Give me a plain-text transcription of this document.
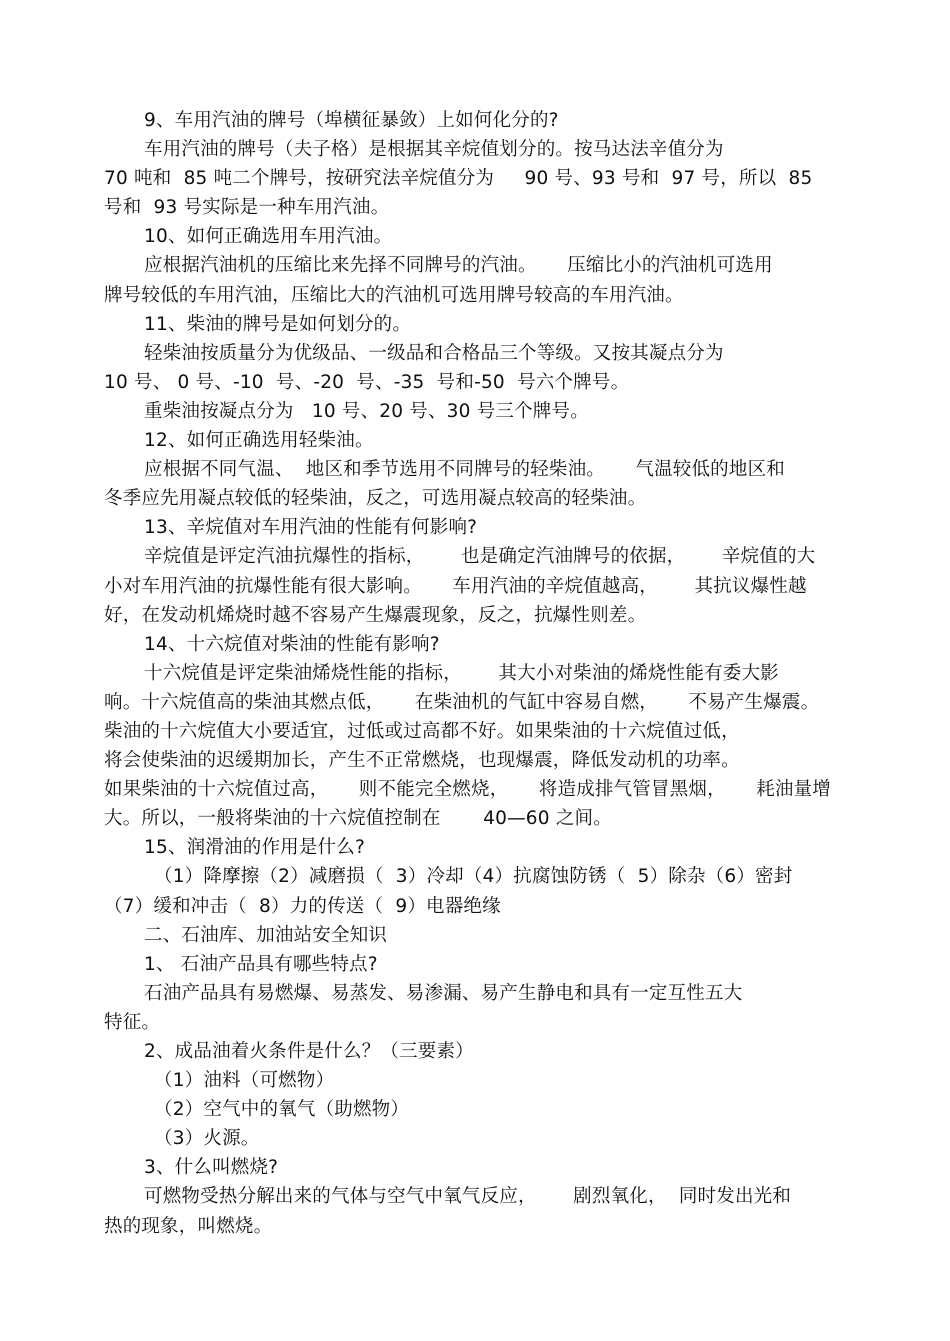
9、车用汽油的牌号（埠横征暴敛）上如何化分的?
车用汽油的牌号（夫子格）是根据其辛烷值划分的。按马达法辛值分为
70 吨和  85 吨二个牌号，按研究法辛烷值分为     90 号、93 号和  97 号，所以  85
号和  93 号实际是一种车用汽油。
10、如何正确选用车用汽油。
应根据汽油机的压缩比来先择不同牌号的汽油。     压缩比小的汽油机可选用
牌号较低的车用汽油，压缩比大的汽油机可选用牌号较高的车用汽油。
11、柴油的牌号是如何划分的。
轻柴油按质量分为优级品、一级品和合格品三个等级。又按其凝点分为
10 号、 0 号、-10  号、-20  号、-35  号和-50  号六个牌号。
重柴油按凝点分为   10 号、20 号、30 号三个牌号。
12、如何正确选用轻柴油。
应根据不同气温、  地区和季节选用不同牌号的轻柴油。     气温较低的地区和
冬季应先用凝点较低的轻柴油，反之，可选用凝点较高的轻柴油。
13、辛烷值对车用汽油的性能有何影响?
辛烷值是评定汽油抗爆性的指标，      也是确定汽油牌号的依据，      辛烷值的大
小对车用汽油的抗爆性能有很大影响。     车用汽油的辛烷值越高，      其抗议爆性越
好，在发动机烯烧时越不容易产生爆震现象，反之，抗爆性则差。
14、十六烷值对柴油的性能有影响?
十六烷值是评定柴油烯烧性能的指标，      其大小对柴油的烯烧性能有委大影
响。十六烷值高的柴油其燃点低，     在柴油机的气缸中容易自燃，     不易产生爆震。
柴油的十六烷值大小要适宜，过低或过高都不好。如果柴油的十六烷值过低，
将会使柴油的迟缓期加长，产生不正常燃烧，也现爆震，降低发动机的功率。
如果柴油的十六烷值过高，     则不能完全燃烧，     将造成排气管冒黑烟，     耗油量增
大。所以，一般将柴油的十六烷值控制在       40—60 之间。
15、润滑油的作用是什么?
（1）降摩擦（2）减磨损（  3）冷却（4）抗腐蚀防锈（  5）除杂（6）密封
（7）缓和冲击（  8）力的传送（  9）电器绝缘
二、石油库、加油站安全知识
1、 石油产品具有哪些特点?
石油产品具有易燃爆、易蒸发、易渗漏、易产生静电和具有一定互性五大
特征。
2、成品油着火条件是什么？（三要素）
（1）油料（可燃物）
（2）空气中的氧气（助燃物）
（3）火源。
3、什么叫燃烧?
可燃物受热分解出来的气体与空气中氧气反应，      剧烈氧化，  同时发出光和
热的现象，叫燃烧。
